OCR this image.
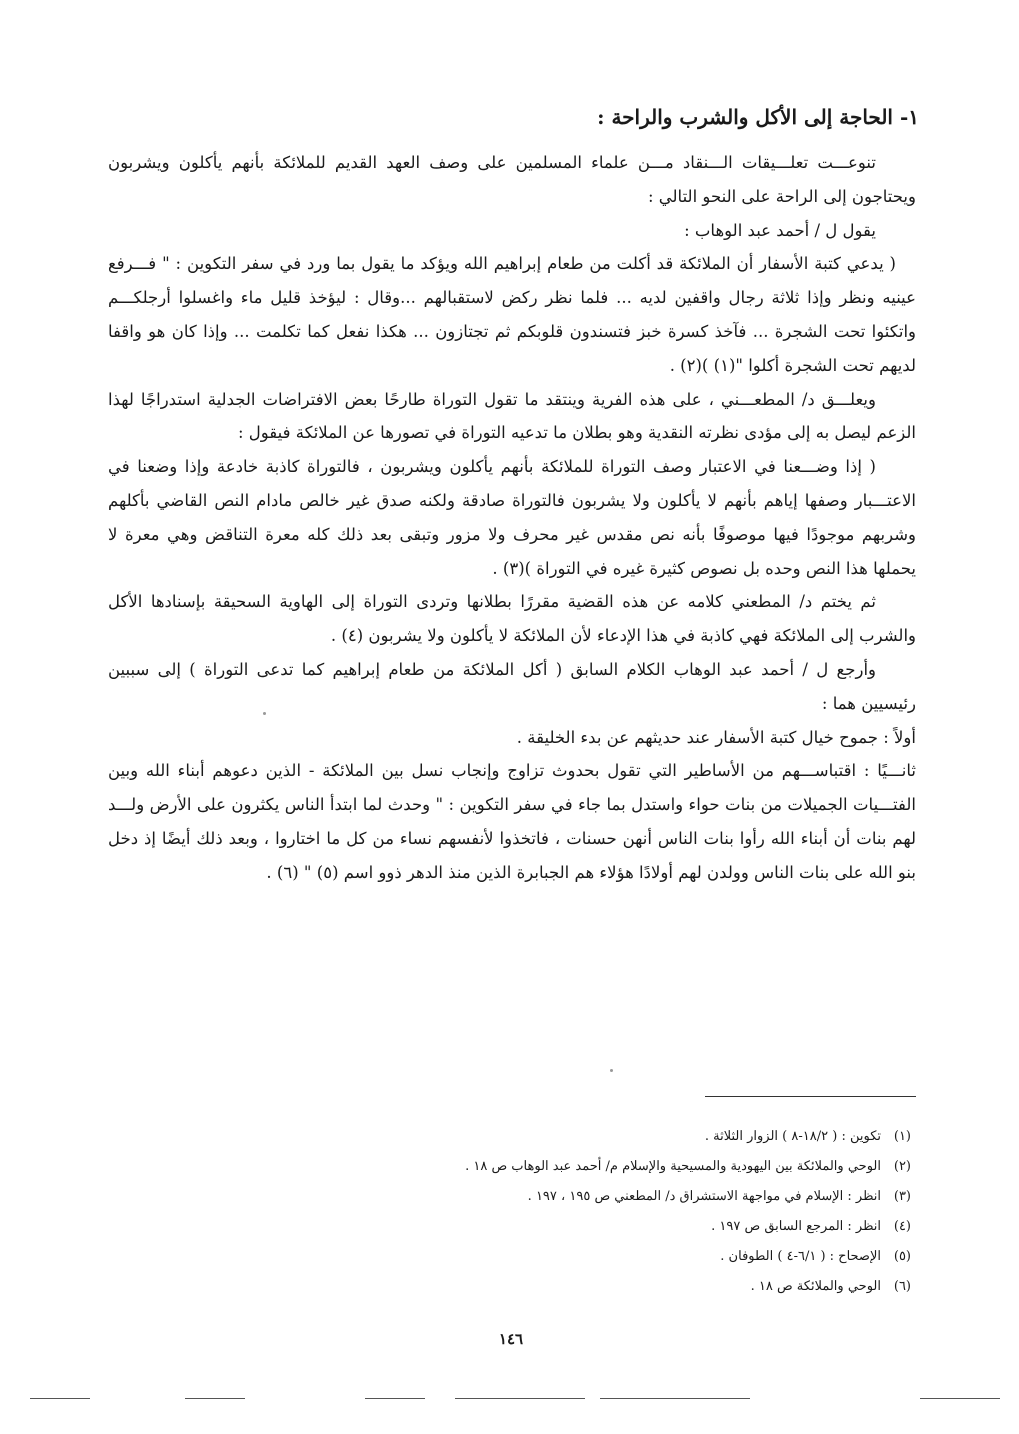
١- الحاجة إلى الأكل والشرب والراحة :

تنوعـــت تعلـــيقات الـــنقاد مـــن علماء المسلمين على وصف العهد القديم للملائكة بأنهم يأكلون ويشربون ويحتاجون إلى الراحة على النحو التالي :

يقول ل / أحمد عبد الوهاب :

( يدعي كتبة الأسفار أن الملائكة قد أكلت من طعام إبراهيم الله ويؤكد ما يقول بما ورد في سفر التكوين : " فـــرفع عينيه ونظر وإذا ثلاثة رجال واقفين لديه ... فلما نظر ركض لاستقبالهم ...وقال : ليؤخذ قليل ماء واغسلوا أرجلكـــم واتكئوا تحت الشجرة ... فآخذ كسرة خبز فتسندون قلوبكم ثم تجتازون ... هكذا نفعل كما تكلمت ... وإذا كان هو واقفا لديهم تحت الشجرة أكلوا "(١) )(٢) .

ويعلـــق د/ المطعـــني ، على هذه الفرية وينتقد ما تقول التوراة طارحًا بعض الافتراضات الجدلية استدراجًا لهذا الزعم ليصل به إلى مؤدى نظرته النقدية وهو بطلان ما تدعيه التوراة في تصورها عن الملائكة فيقول :

( إذا وضـــعنا في الاعتبار وصف التوراة للملائكة بأنهم يأكلون ويشربون ، فالتوراة كاذبة خادعة وإذا وضعنا في الاعتـــبار وصفها إياهم بأنهم لا يأكلون ولا يشربون فالتوراة صادقة ولكنه صدق غير خالص مادام النص القاضي بأكلهم وشربهم موجودًا فيها موصوفًا بأنه نص مقدس غير محرف ولا مزور وتبقى بعد ذلك كله معرة التناقض وهي معرة لا يحملها هذا النص وحده بل نصوص كثيرة غيره في التوراة )(٣) .

ثم يختم د/ المطعني كلامه عن هذه القضية مقررًا بطلانها وتردى التوراة إلى الهاوية السحيقة بإسنادها الأكل والشرب إلى الملائكة فهي كاذبة في هذا الإدعاء لأن الملائكة لا يأكلون ولا يشربون (٤) .

وأرجع ل / أحمد عبد الوهاب الكلام السابق ( أكل الملائكة من طعام إبراهيم كما تدعى التوراة ) إلى سببين رئيسيين هما :

أولاً : جموح خيال كتبة الأسفار عند حديثهم عن بدء الخليقة .

ثانـــيًا : اقتباســـهم من الأساطير التي تقول بحدوث تزاوج وإنجاب نسل بين الملائكة - الذين دعوهم أبناء الله وبين الفتـــيات الجميلات من بنات حواء واستدل بما جاء في سفر التكوين : " وحدث لما ابتدأ الناس يكثرون على الأرض ولـــد لهم بنات أن أبناء الله رأوا بنات الناس أنهن حسنات ، فاتخذوا لأنفسهم نساء من كل ما اختاروا ، وبعد ذلك أيضًا إذ دخل بنو الله على بنات الناس وولدن لهم أولادًا هؤلاء هم الجبابرة الذين منذ الدهر ذوو اسم (٥) " (٦) .

(١)تكوين : ( ١٨/٢-٨ ) الزوار الثلاثة .
(٢)الوحي والملائكة بين اليهودية والمسيحية والإسلام م/ أحمد عبد الوهاب ص ١٨ .
(٣)انظر : الإسلام في مواجهة الاستشراق د/ المطعني ص ١٩٥ ، ١٩٧ .
(٤)انظر : المرجع السابق ص ١٩٧ .
(٥)الإصحاح : ( ٦/١-٤ ) الطوفان .
(٦)الوحي والملائكة ص ١٨ .
١٤٦
